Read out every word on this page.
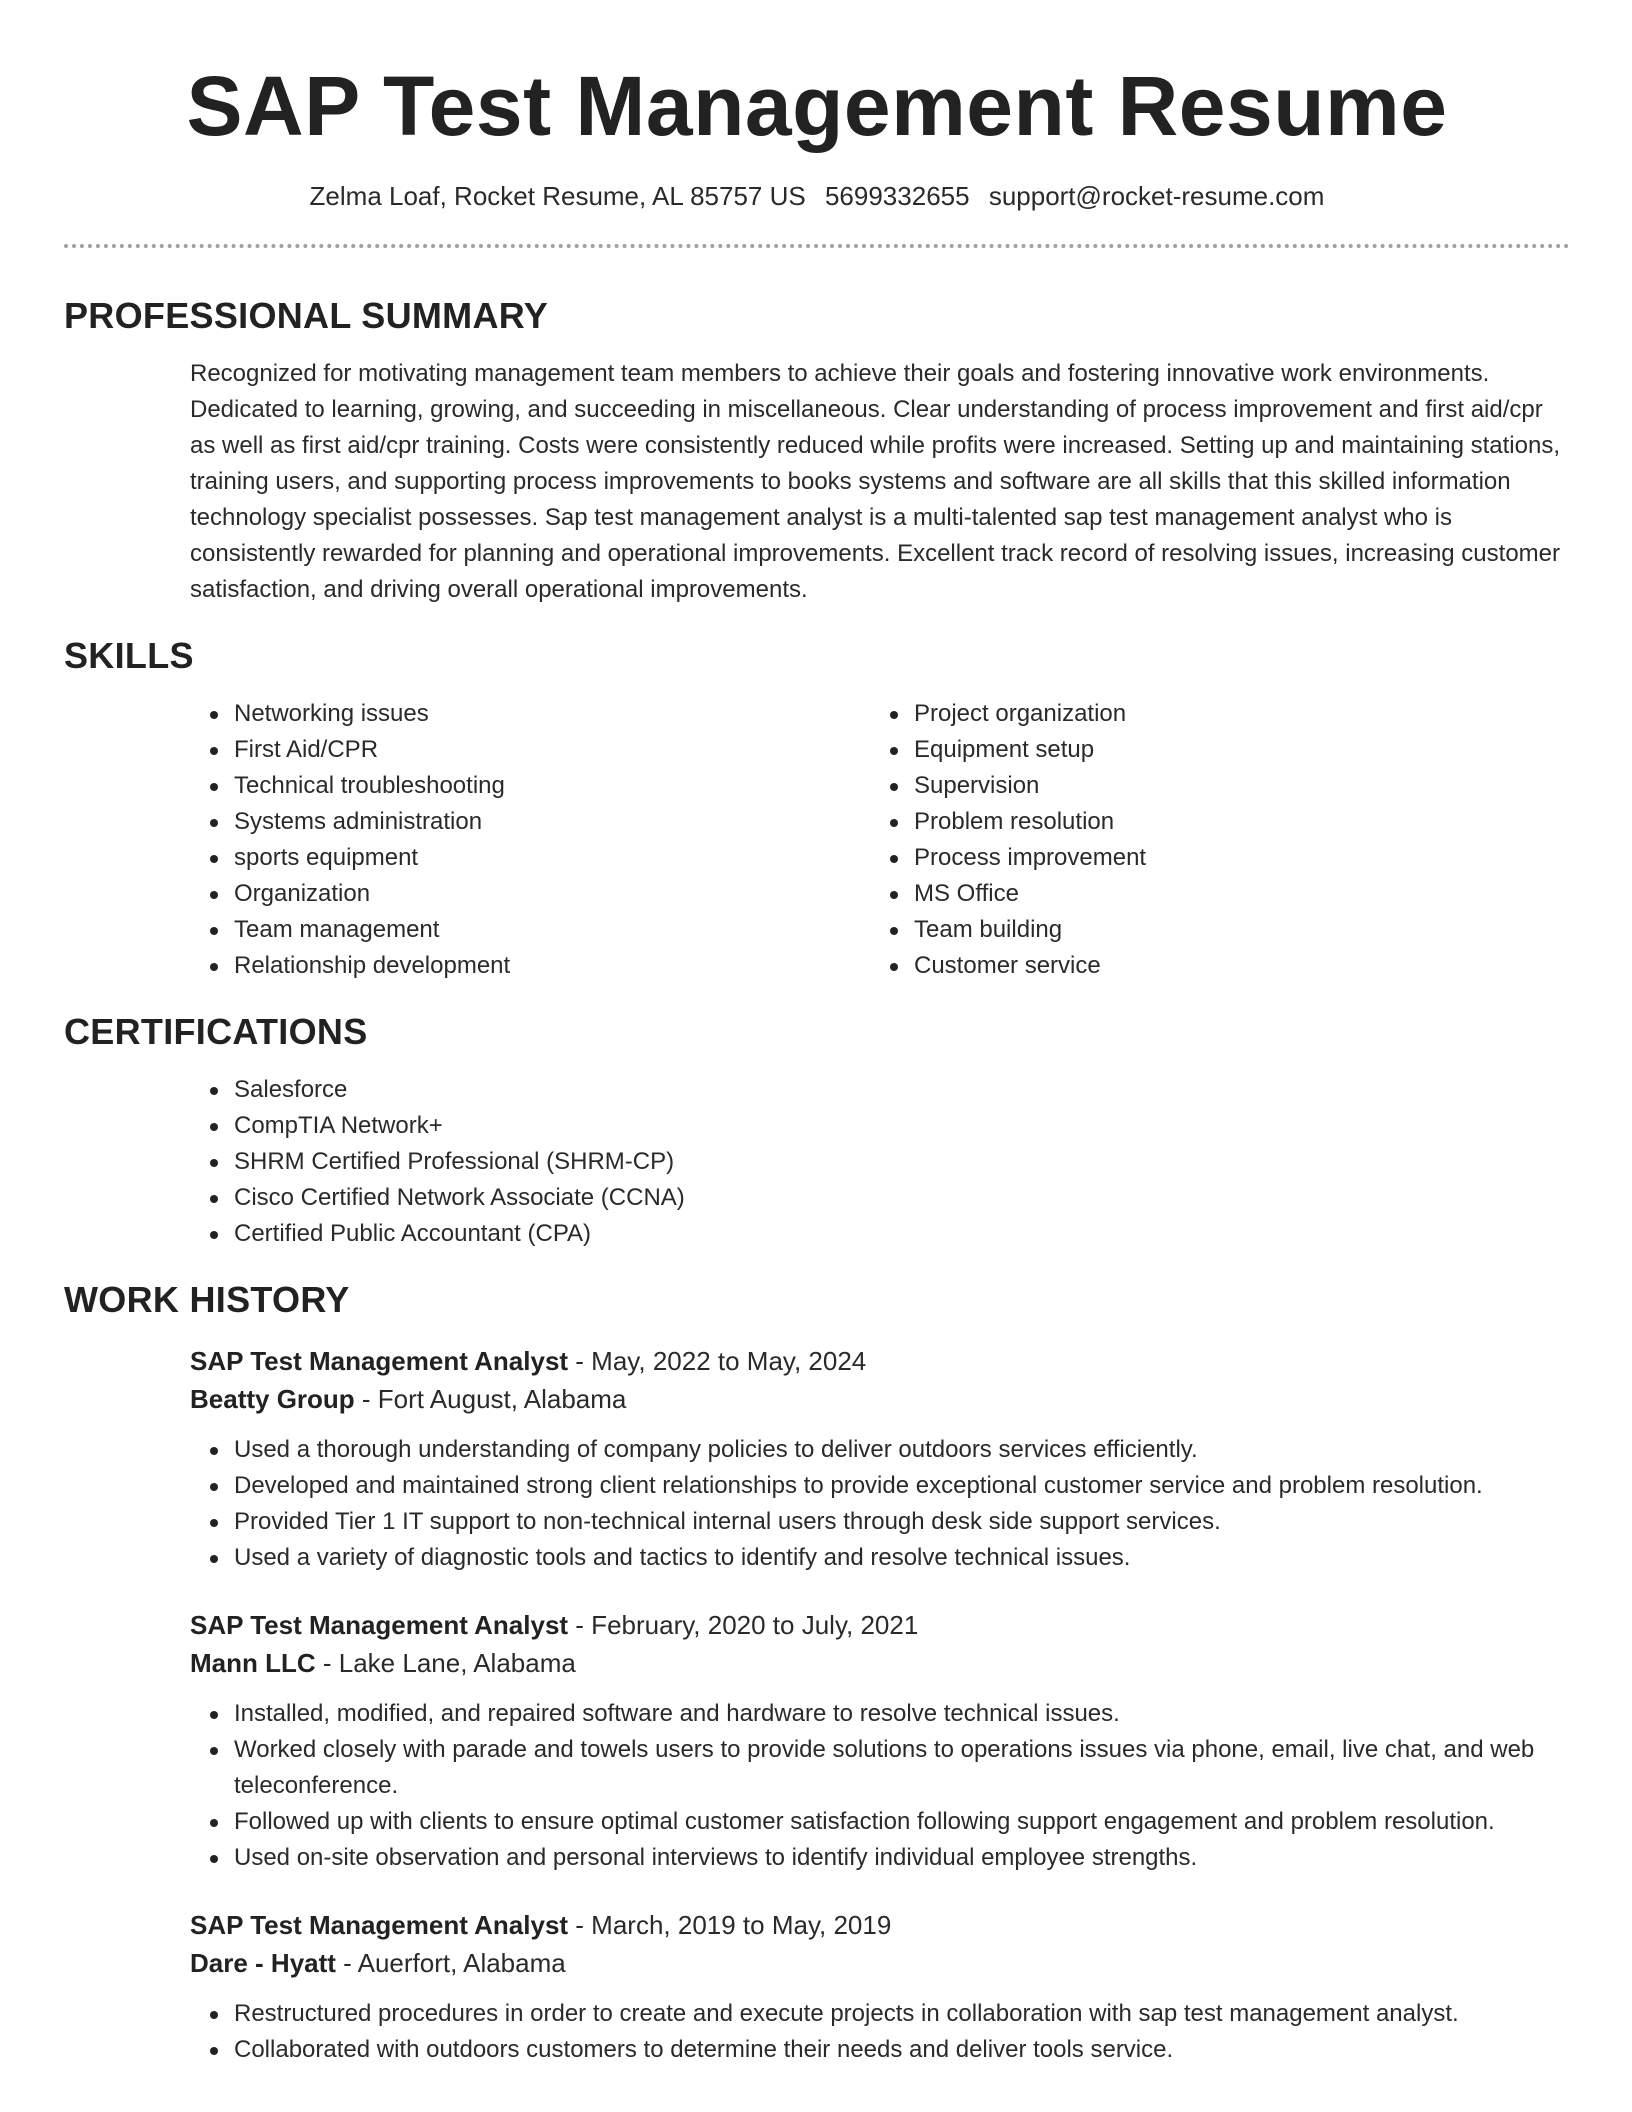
SAP Test Management Resume
Zelma Loaf, Rocket Resume, AL 85757 US 5699332655 support@rocket-resume.com
PROFESSIONAL SUMMARY

Recognized for motivating management team members to achieve their goals and fostering innovative work environments. Dedicated to learning, growing, and succeeding in miscellaneous. Clear understanding of process improvement and first aid/cpr as well as first aid/cpr training. Costs were consistently reduced while profits were increased. Setting up and maintaining stations, training users, and supporting process improvements to books systems and software are all skills that this skilled information technology specialist possesses. Sap test management analyst is a multi-talented sap test management analyst who is consistently rewarded for planning and operational improvements. Excellent track record of resolving issues, increasing customer satisfaction, and driving overall operational improvements.

SKILLS
Networking issues
First Aid/CPR
Technical troubleshooting
Systems administration
sports equipment
Organization
Team management
Relationship development
Project organization
Equipment setup
Supervision
Problem resolution
Process improvement
MS Office
Team building
Customer service
CERTIFICATIONS
Salesforce
CompTIA Network+
SHRM Certified Professional (SHRM-CP)
Cisco Certified Network Associate (CCNA)
Certified Public Accountant (CPA)
WORK HISTORY
SAP Test Management Analyst - May, 2022 to May, 2024
Beatty Group - Fort August, Alabama
Used a thorough understanding of company policies to deliver outdoors services efficiently.
Developed and maintained strong client relationships to provide exceptional customer service and problem resolution.
Provided Tier 1 IT support to non-technical internal users through desk side support services.
Used a variety of diagnostic tools and tactics to identify and resolve technical issues.
SAP Test Management Analyst - February, 2020 to July, 2021
Mann LLC - Lake Lane, Alabama
Installed, modified, and repaired software and hardware to resolve technical issues.
Worked closely with parade and towels users to provide solutions to operations issues via phone, email, live chat, and web teleconference.
Followed up with clients to ensure optimal customer satisfaction following support engagement and problem resolution.
Used on-site observation and personal interviews to identify individual employee strengths.
SAP Test Management Analyst - March, 2019 to May, 2019
Dare - Hyatt - Auerfort, Alabama
Restructured procedures in order to create and execute projects in collaboration with sap test management analyst.
Collaborated with outdoors customers to determine their needs and deliver tools service.
